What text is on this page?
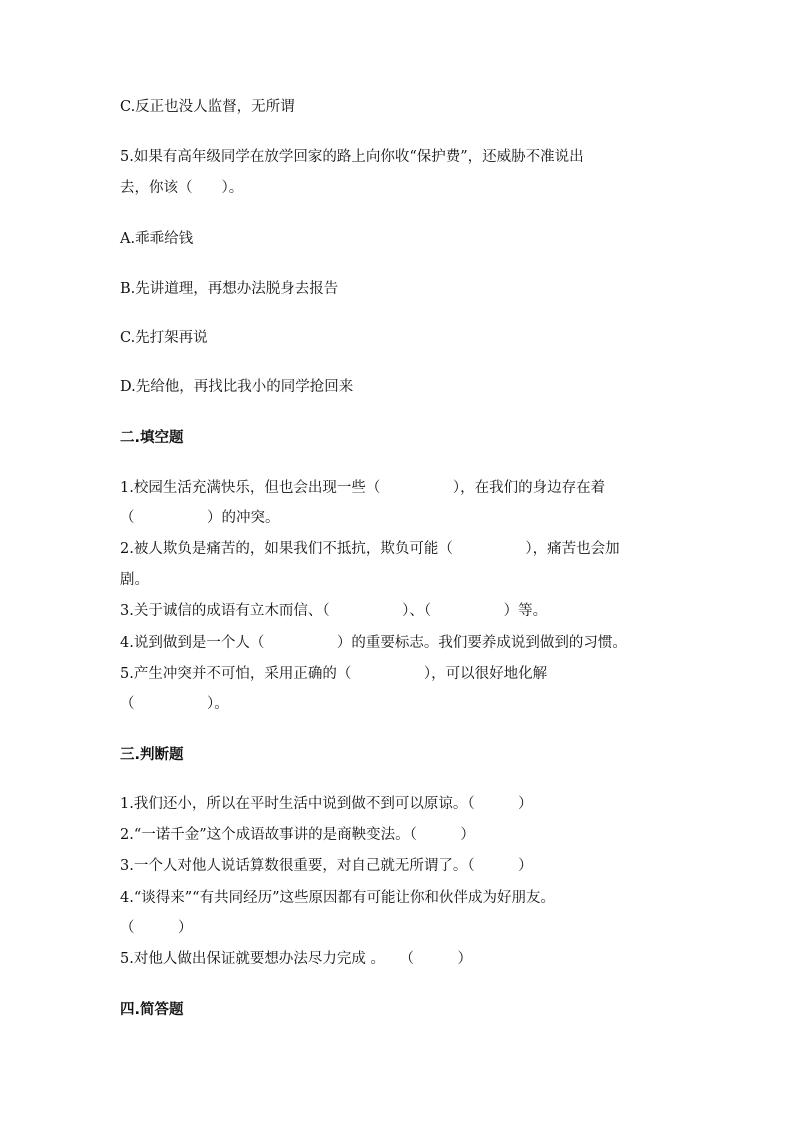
C.反正也没人监督，无所谓
5.如果有高年级同学在放学回家的路上向你收“保护费”，还威胁不准说出
去，你该（　　）。
A.乖乖给钱
B.先讲道理，再想办法脱身去报告
C.先打架再说
D.先给他，再找比我小的同学抢回来
二.填空题
1.校园生活充满快乐，但也会出现一些（　　　　　），在我们的身边存在着
（　　　　　）的冲突。
2.被人欺负是痛苦的，如果我们不抵抗，欺负可能（　　　　　），痛苦也会加
剧。
3.关于诚信的成语有立木而信、（　　　　　）、（　　　　　）等。
4.说到做到是一个人（　　　　　）的重要标志。我们要养成说到做到的习惯。
5.产生冲突并不可怕，采用正确的（　　　　　），可以很好地化解
（　　　　　）。
三.判断题
1.我们还小，所以在平时生活中说到做不到可以原谅。（　　　）
2.“一诺千金”这个成语故事讲的是商鞅变法。（　　　）
3.一个人对他人说话算数很重要，对自己就无所谓了。（　　　）
4.“谈得来”“有共同经历”这些原因都有可能让你和伙伴成为好朋友。
（　　　）
5.对他人做出保证就要想办法尽力完成 。　　（　　　）
四.简答题
